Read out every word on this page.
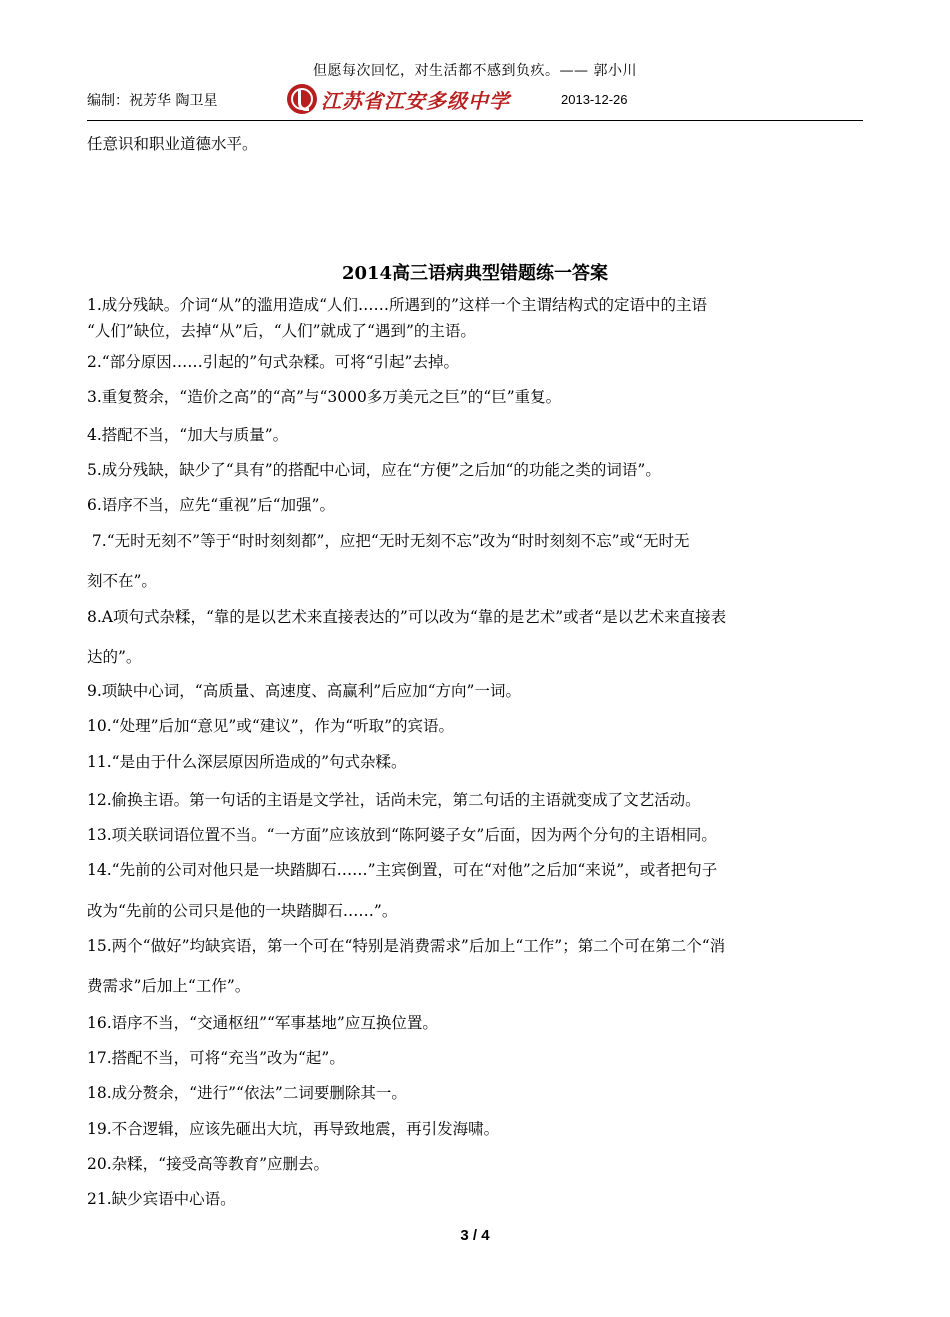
但愿每次回忆，对生活都不感到负疚。—— 郭小川
编制：祝芳华 陶卫星	江苏省江安多级中学	2013-12-26
任意识和职业道德水平。
2014高三语病典型错题练一答案
1.成分残缺。介词“从”的滥用造成“人们……所遇到的”这样一个主谓结构式的定语中的主语
“人们”缺位，去掉“从”后，“人们”就成了“遇到”的主语。
2.“部分原因……引起的”句式杂糅。可将“引起”去掉。
3.重复赘余，“造价之高”的“高”与“3000多万美元之巨”的“巨”重复。
4.搭配不当，“加大与质量”。
5.成分残缺，缺少了“具有”的搭配中心词，应在“方便”之后加“的功能之类的词语”。
6.语序不当，应先“重视”后“加强”。
7.“无时无刻不”等于“时时刻刻都”，应把“无时无刻不忘”改为“时时刻刻不忘”或“无时无
刻不在”。
8.A项句式杂糅，“靠的是以艺术来直接表达的”可以改为“靠的是艺术”或者“是以艺术来直接表
达的”。
9.项缺中心词，“高质量、高速度、高赢利”后应加“方向”一词。
10.“处理”后加“意见”或“建议”，作为“听取”的宾语。
11.“是由于什么深层原因所造成的”句式杂糅。
12.偷换主语。第一句话的主语是文学社，话尚未完，第二句话的主语就变成了文艺活动。
13.项关联词语位置不当。“一方面”应该放到“陈阿婆子女”后面，因为两个分句的主语相同。
14.“先前的公司对他只是一块踏脚石……”主宾倒置，可在“对他”之后加“来说”，或者把句子
改为“先前的公司只是他的一块踏脚石……”。
15.两个“做好”均缺宾语，第一个可在“特别是消费需求”后加上“工作”；第二个可在第二个“消
费需求”后加上“工作”。
16.语序不当，“交通枢纽”“军事基地”应互换位置。
17.搭配不当，可将“充当”改为“起”。
18.成分赘余，“进行”“依法”二词要删除其一。
19.不合逻辑，应该先砸出大坑，再导致地震，再引发海啸。
20.杂糅，“接受高等教育”应删去。
21.缺少宾语中心语。
3 / 4
